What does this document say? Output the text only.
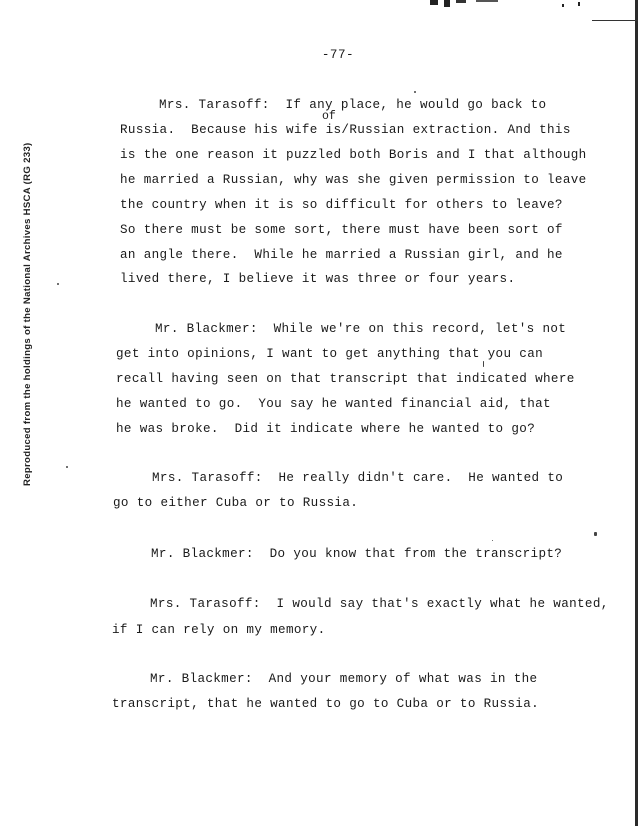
-77-
Reproduced from the holdings of the National Archives HSCA (RG 233)
of
Mrs. Tarasoff:  If any place, he would go back to
Russia.  Because his wife is/Russian extraction. And this
is the one reason it puzzled both Boris and I that although
he married a Russian, why was she given permission to leave
the country when it is so difficult for others to leave?
So there must be some sort, there must have been sort of
an angle there.  While he married a Russian girl, and he
lived there, I believe it was three or four years.
Mr. Blackmer:  While we're on this record, let's not
get into opinions, I want to get anything that you can
recall having seen on that transcript that indicated where
he wanted to go.  You say he wanted financial aid, that
he was broke.  Did it indicate where he wanted to go?
Mrs. Tarasoff:  He really didn't care.  He wanted to
go to either Cuba or to Russia.
Mr. Blackmer:  Do you know that from the transcript?
Mrs. Tarasoff:  I would say that's exactly what he wanted,
if I can rely on my memory.
Mr. Blackmer:  And your memory of what was in the
transcript, that he wanted to go to Cuba or to Russia.
